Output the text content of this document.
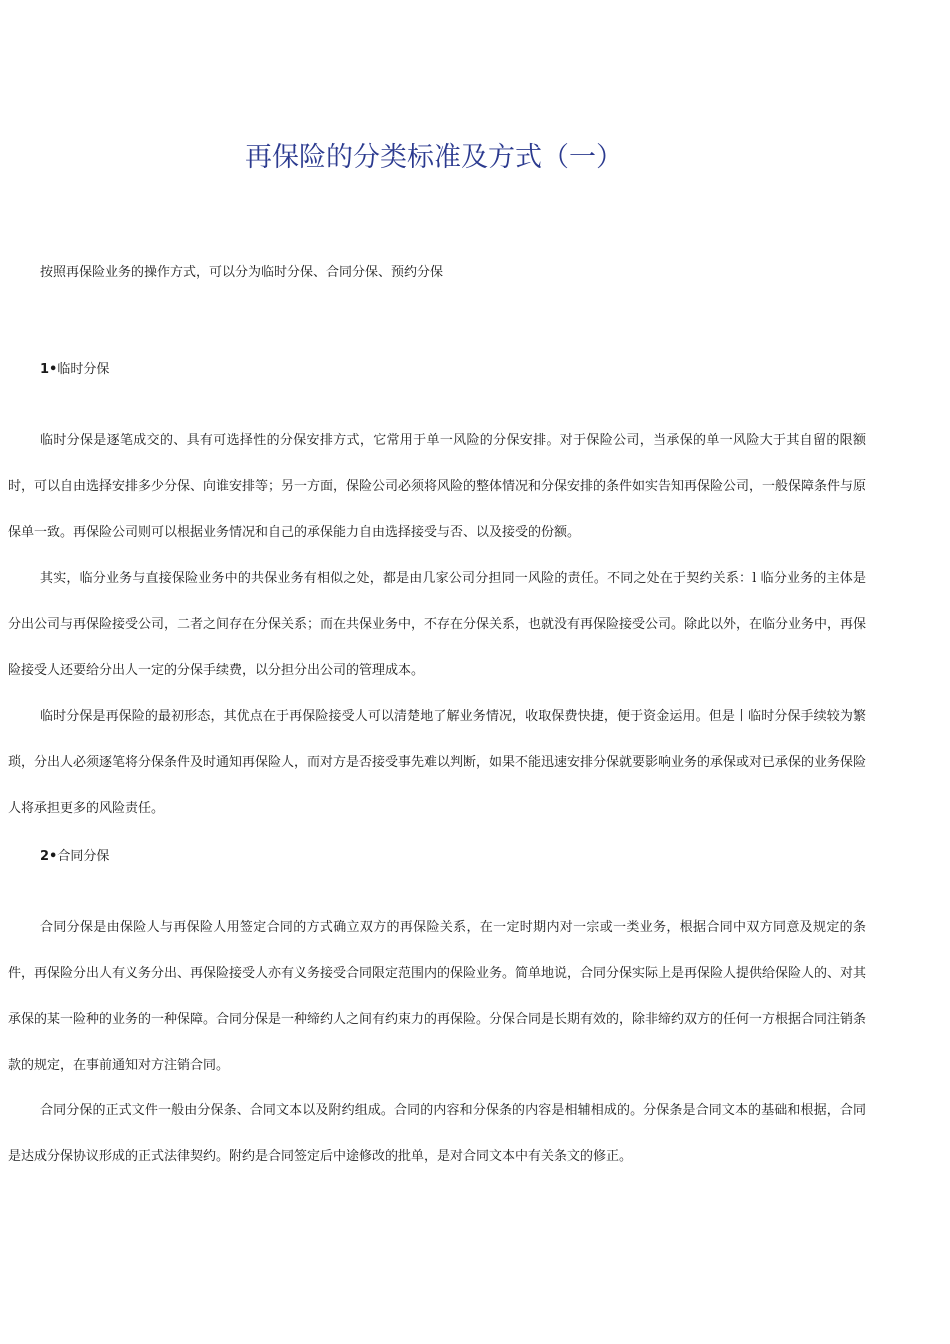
再保险的分类标准及方式（一）
按照再保险业务的操作方式，可以分为临时分保、合同分保、预约分保
1•临时分保

临时分保是逐笔成交的、具有可选择性的分保安排方式，它常用于单一风险的分保安排。对于保险公司，当承保的单一风险大于其自留的限额时，可以自由选择安排多少分保、向谁安排等；另一方面，保险公司必须将风险的整体情况和分保安排的条件如实告知再保险公司，一般保障条件与原保单一致。再保险公司则可以根据业务情况和自己的承保能力自由选择接受与否、以及接受的份额。

其实，临分业务与直接保险业务中的共保业务有相似之处，都是由几家公司分担同一风险的责任。不同之处在于契约关系：l 临分业务的主体是分出公司与再保险接受公司，二者之间存在分保关系；而在共保业务中，不存在分保关系，也就没有再保险接受公司。除此以外，在临分业务中，再保险接受人还要给分出人一定的分保手续费，以分担分出公司的管理成本。

临时分保是再保险的最初形态，其优点在于再保险接受人可以清楚地了解业务情况，收取保费快捷，便于资金运用。但是丨临时分保手续较为繁琐，分出人必须逐笔将分保条件及时通知再保险人，而对方是否接受事先难以判断，如果不能迅速安排分保就要影响业务的承保或对已承保的业务保险人将承担更多的风险责任。

2•合同分保

合同分保是由保险人与再保险人用签定合同的方式确立双方的再保险关系，在一定时期内对一宗或一类业务，根据合同中双方同意及规定的条件，再保险分出人有义务分出、再保险接受人亦有义务接受合同限定范围内的保险业务。简单地说，合同分保实际上是再保险人提供给保险人的、对其承保的某一险种的业务的一种保障。合同分保是一种缔约人之间有约束力的再保险。分保合同是长期有效的，除非缔约双方的任何一方根据合同注销条款的规定，在事前通知对方注销合同。

合同分保的正式文件一般由分保条、合同文本以及附约组成。合同的内容和分保条的内容是相辅相成的。分保条是合同文本的基础和根据，合同是达成分保协议形成的正式法律契约。附约是合同签定后中途修改的批单，是对合同文本中有关条文的修正。
